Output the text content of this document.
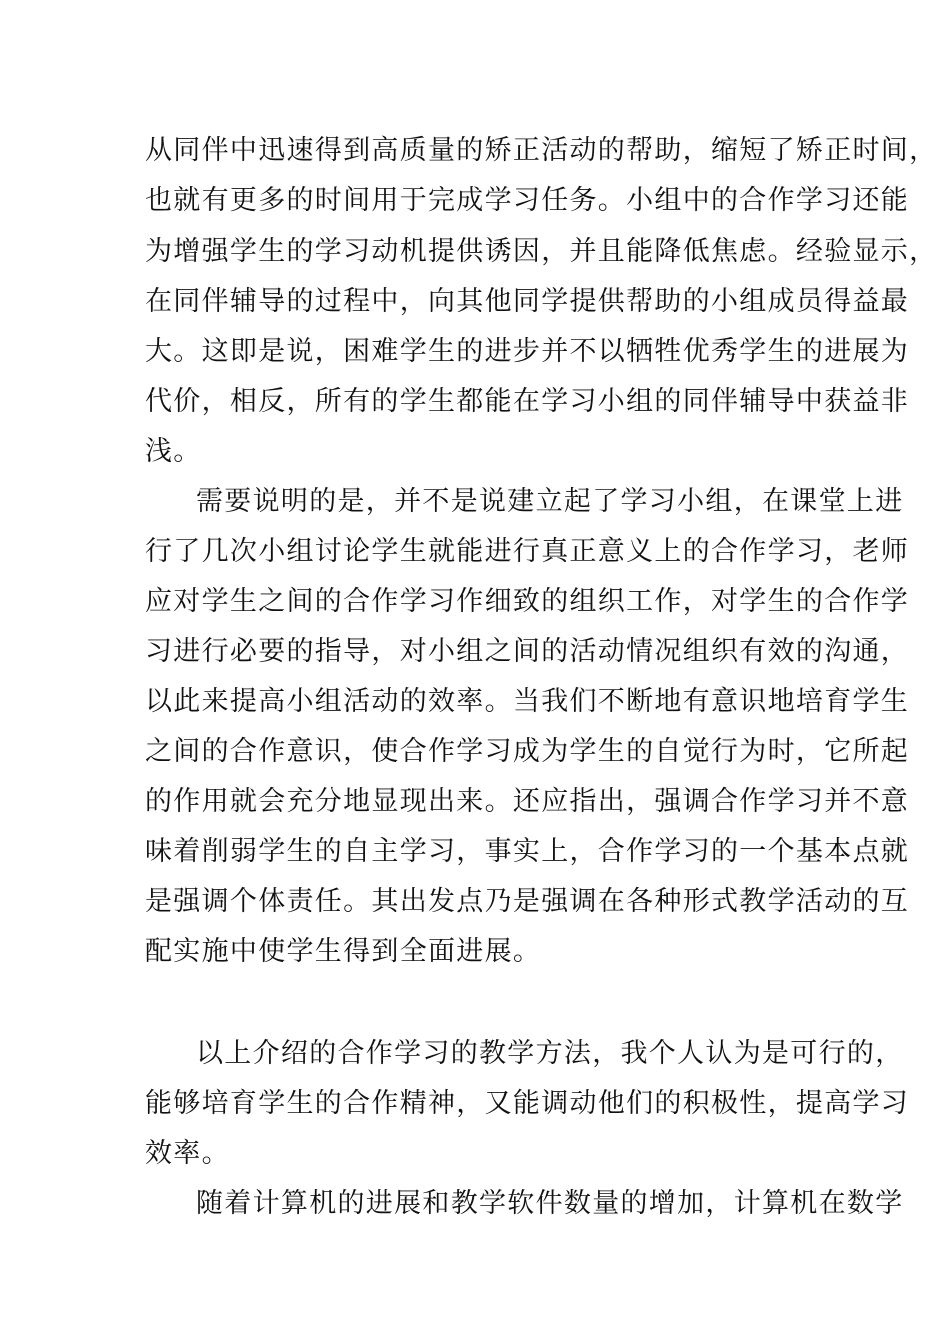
从同伴中迅速得到高质量的矫正活动的帮助，缩短了矫正时间，
也就有更多的时间用于完成学习任务。小组中的合作学习还能
为增强学生的学习动机提供诱因，并且能降低焦虑。经验显示，
在同伴辅导的过程中，向其他同学提供帮助的小组成员得益最
大。这即是说，困难学生的进步并不以牺牲优秀学生的进展为
代价，相反，所有的学生都能在学习小组的同伴辅导中获益非
浅。
需要说明的是，并不是说建立起了学习小组，在课堂上进
行了几次小组讨论学生就能进行真正意义上的合作学习，老师
应对学生之间的合作学习作细致的组织工作，对学生的合作学
习进行必要的指导，对小组之间的活动情况组织有效的沟通，
以此来提高小组活动的效率。当我们不断地有意识地培育学生
之间的合作意识，使合作学习成为学生的自觉行为时，它所起
的作用就会充分地显现出来。还应指出，强调合作学习并不意
味着削弱学生的自主学习，事实上，合作学习的一个基本点就
是强调个体责任。其出发点乃是强调在各种形式教学活动的互
配实施中使学生得到全面进展。
以上介绍的合作学习的教学方法，我个人认为是可行的，
能够培育学生的合作精神，又能调动他们的积极性，提高学习
效率。
随着计算机的进展和教学软件数量的增加，计算机在数学
